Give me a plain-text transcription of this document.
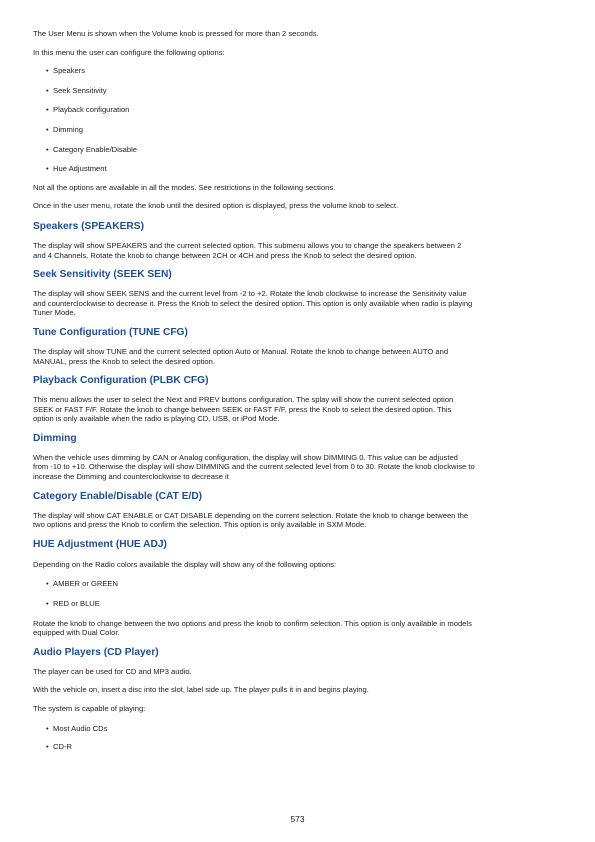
The User Menu is shown when the Volume knob is pressed for more than 2 seconds.

In this menu the user can configure the following options:

• Speakers
• Seek Sensitivity
• Playback configuration
• Dimming
• Category Enable/Disable
• Hue Adjustment

Not all the options are available in all the modes. See restrictions in the following sections.

Once in the user menu, rotate the knob until the desired option is displayed, press the volume knob to select.

Speakers (SPEAKERS)

The display will show SPEAKERS and the current selected option. This submenu allows you to change the speakers between 2

and 4 Channels. Rotate the knob to change between 2CH or 4CH and press the Knob to select the desired option.

Seek Sensitivity (SEEK SEN)

The display will show SEEK SENS and the current level from -2 to +2. Rotate the knob clockwise to increase the Sensitivity value

and counterclockwise to decrease it. Press the Knob to select the desired option. This option is only available when radio is playing

Tuner Mode.

Tune Configuration (TUNE CFG)

The display will show TUNE and the current selected option Auto or Manual. Rotate the knob to change between AUTO and

MANUAL, press the Knob to select the desired option.

Playback Configuration (PLBK CFG)

This menu allows the user to select the Next and PREV buttons configuration. The splay will show the current selected option

SEEK or FAST F/F. Rotate the knob to change between SEEK or FAST F/F, press the Knob to select the desired option. This

option is only available when the radio is playing CD, USB, or iPod Mode.

Dimming

When the vehicle uses dimming by CAN or Analog configuration, the display will show DIMMING 0. This value can be adjusted

from -10 to +10. Otherwise the display will show DIMMING and the current selected level from 0 to 30. Rotate the knob clockwise to

increase the Dimming and counterclockwise to decrease it

Category Enable/Disable (CAT E/D)

The display will show CAT ENABLE or CAT DISABLE depending on the current selection. Rotate the knob to change between the

two options and press the Knob to confirm the selection. This option is only available in SXM Mode.

HUE Adjustment (HUE ADJ)

Depending on the Radio colors available the display will show any of the following options:

• AMBER or GREEN
• RED or BLUE

Rotate the knob to change between the two options and press the knob to confirm selection. This option is only available in models

equipped with Dual Color.

Audio Players (CD Player)

The player can be used for CD and MP3 audio.

With the vehicle on, insert a disc into the slot, label side up. The player pulls it in and begins playing.

The system is capable of playing:

• Most Audio CDs
• CD-R
573
